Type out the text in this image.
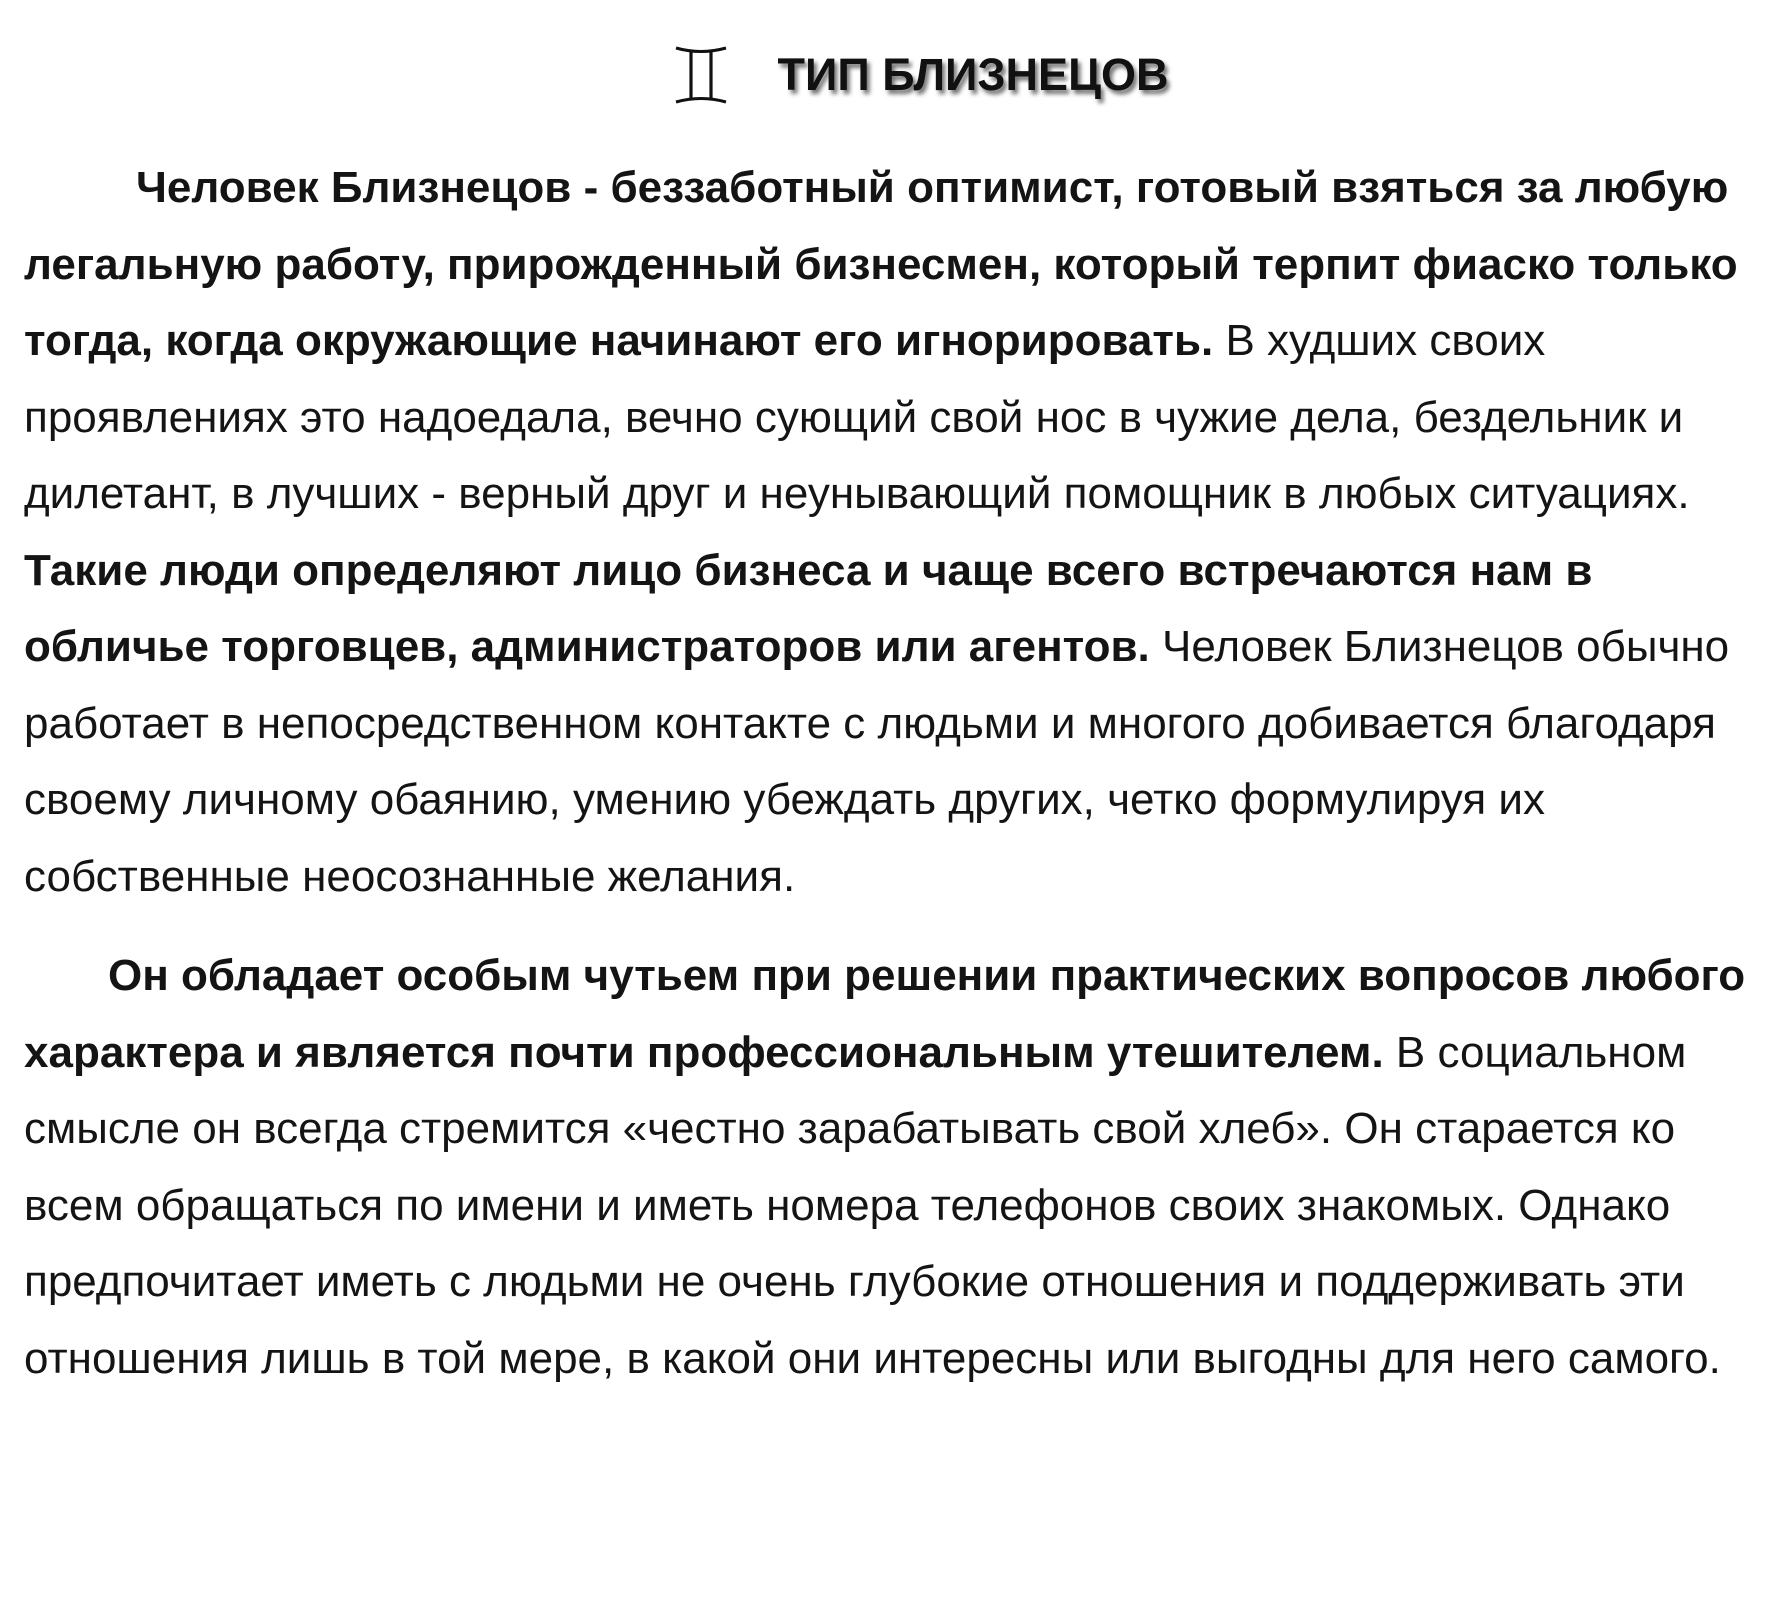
ТИП БЛИЗНЕЦОВ

Человек Близнецов - беззаботный оптимист, готовый взяться за любую легальную работу, прирожденный бизнесмен, который терпит фиаско только тогда, когда окружающие начинают его игнорировать. В худших своих проявлениях это надоедала, вечно сующий свой нос в чужие дела, бездельник и дилетант, в лучших - верный друг и неунывающий помощник в любых ситуациях. Такие люди определяют лицо бизнеса и чаще всего встречаются нам в обличье торговцев, администраторов или агентов. Человек Близнецов обычно работает в непосредственном контакте с людьми и многого добивается благодаря своему личному обаянию, умению убеждать других, четко формулируя их собственные неосознанные желания.

Он обладает особым чутьем при решении практических вопросов любого характера и является почти профессиональным утешителем. В социальном смысле он всегда стремится «честно зарабатывать свой хлеб». Он старается ко всем обращаться по имени и иметь номера телефонов своих знакомых. Однако предпочитает иметь с людьми не очень глубокие отношения и поддерживать эти отношения лишь в той мере, в какой они интересны или выгодны для него самого.
